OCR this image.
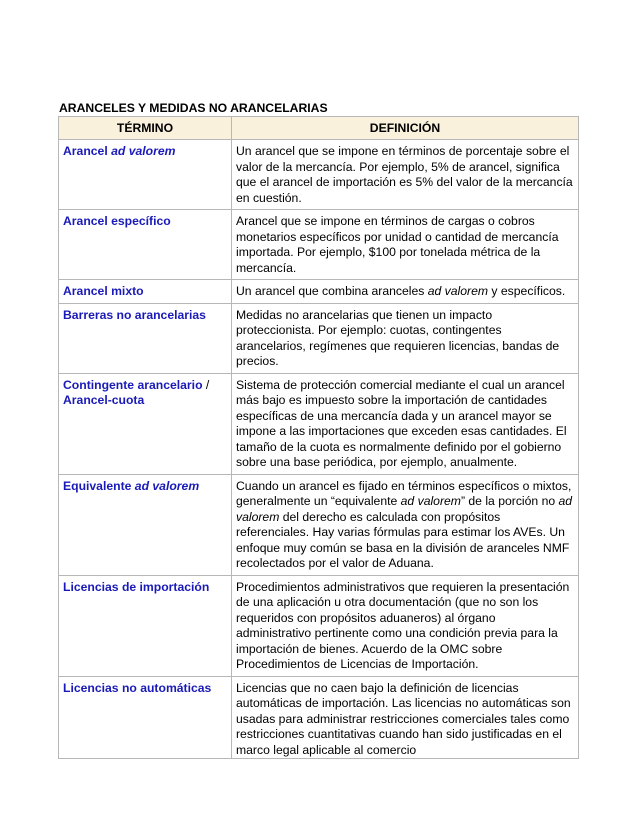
ARANCELES Y MEDIDAS NO ARANCELARIAS
TÉRMINO	DEFINICIÓN
Arancel ad valorem	Un arancel que se impone en términos de porcentaje sobre el valor de la mercancía. Por ejemplo, 5% de arancel, significa que el arancel de importación es 5% del valor de la mercancía en cuestión.
Arancel específico	Arancel que se impone en términos de cargas o cobros monetarios específicos por unidad o cantidad de mercancía importada. Por ejemplo, $100 por tonelada métrica de la mercancía.
Arancel mixto	Un arancel que combina aranceles ad valorem y específicos.
Barreras no arancelarias	Medidas no arancelarias que tienen un impacto proteccionista. Por ejemplo: cuotas, contingentes arancelarios, regímenes que requieren licencias, bandas de precios.
Contingente arancelario / Arancel-cuota	Sistema de protección comercial mediante el cual un arancel más bajo es impuesto sobre la importación de cantidades específicas de una mercancía dada y un arancel mayor se impone a las importaciones que exceden esas cantidades. El tamaño de la cuota es normalmente definido por el gobierno sobre una base periódica, por ejemplo, anualmente.
Equivalente ad valorem	Cuando un arancel es fijado en términos específicos o mixtos, generalmente un “equivalente ad valorem” de la porción no ad valorem del derecho es calculada con propósitos referenciales. Hay varias fórmulas para estimar los AVEs. Un enfoque muy común se basa en la división de aranceles NMF recolectados por el valor de Aduana.
Licencias de importación	Procedimientos administrativos que requieren la presentación de una aplicación u otra documentación (que no son los requeridos con propósitos aduaneros) al órgano administrativo pertinente como una condición previa para la importación de bienes. Acuerdo de la OMC sobre Procedimientos de Licencias de Importación.
Licencias no automáticas	Licencias que no caen bajo la definición de licencias automáticas de importación. Las licencias no automáticas son usadas para administrar restricciones comerciales tales como restricciones cuantitativas cuando han sido justificadas en el marco legal aplicable al comercio
